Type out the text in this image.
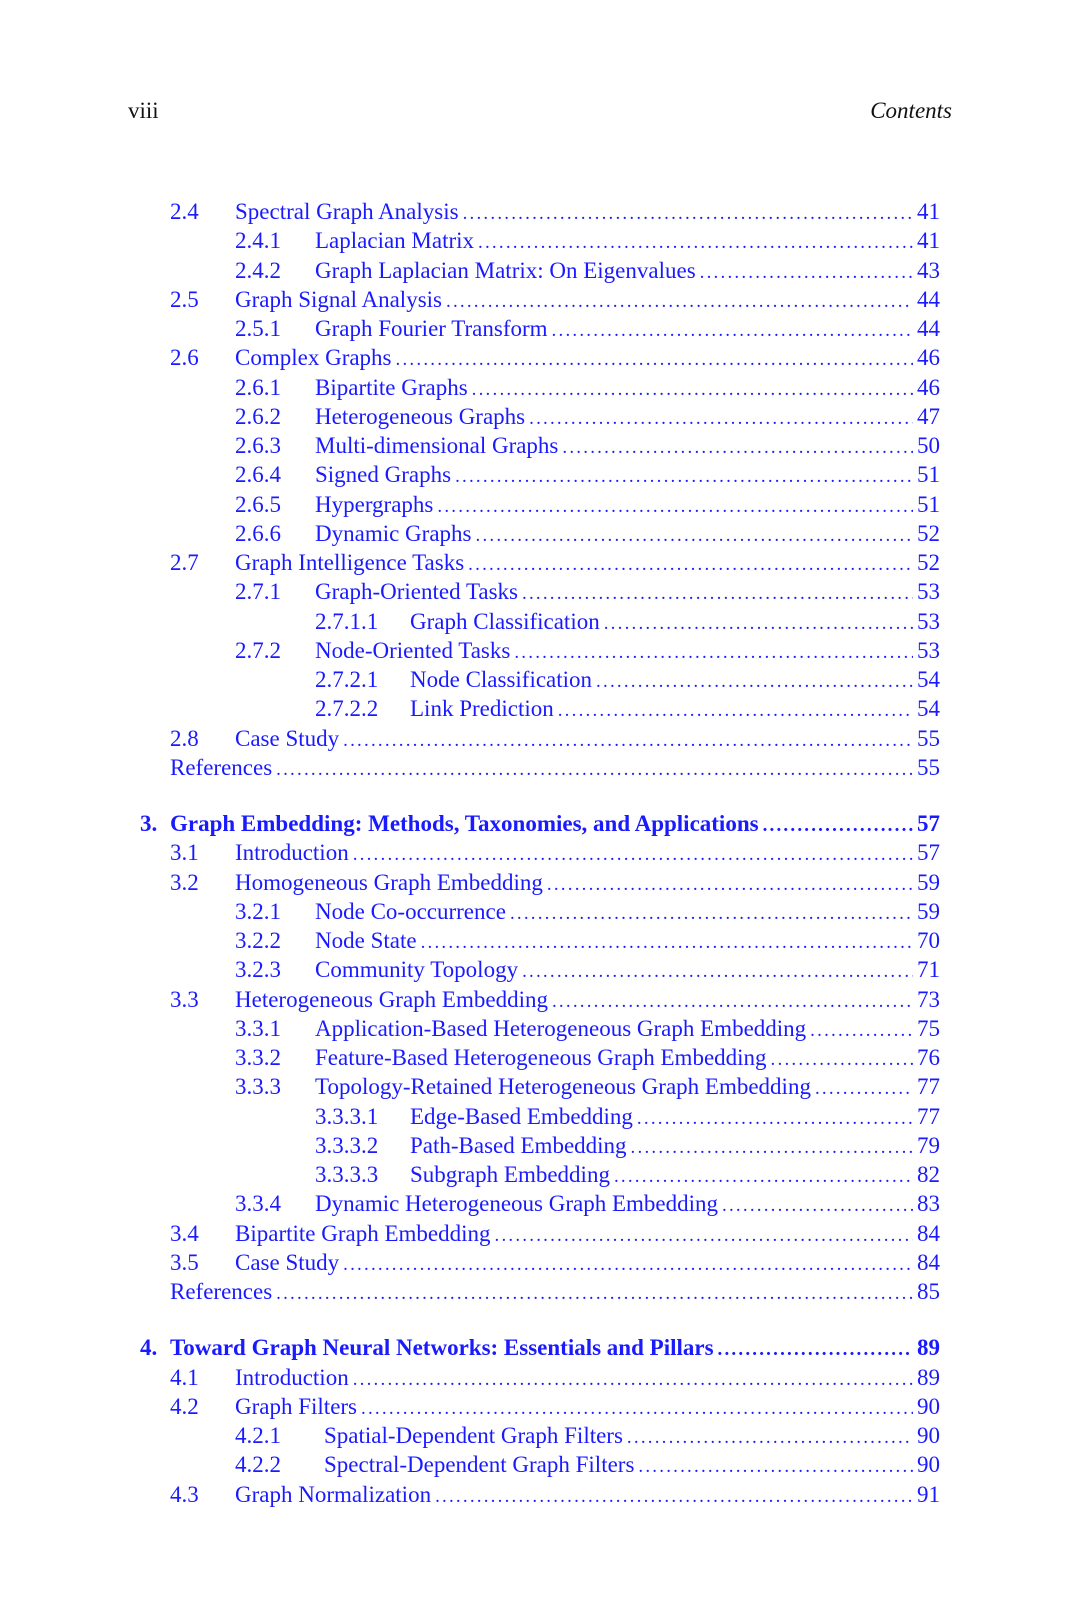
viii	Contents
2.4 Spectral Graph Analysis .....	41
2.4.1 Laplacian Matrix .....	41
2.4.2 Graph Laplacian Matrix: On Eigenvalues .....	43
2.5 Graph Signal Analysis .....	44
2.5.1 Graph Fourier Transform .....	44
2.6 Complex Graphs .....	46
2.6.1 Bipartite Graphs .....	46
2.6.2 Heterogeneous Graphs .....	47
2.6.3 Multi-dimensional Graphs .....	50
2.6.4 Signed Graphs .....	51
2.6.5 Hypergraphs .....	51
2.6.6 Dynamic Graphs .....	52
2.7 Graph Intelligence Tasks .....	52
2.7.1 Graph-Oriented Tasks .....	53
2.7.1.1 Graph Classification .....	53
2.7.2 Node-Oriented Tasks .....	53
2.7.2.1 Node Classification .....	54
2.7.2.2 Link Prediction .....	54
2.8 Case Study .....	55
References .....	55
3. Graph Embedding: Methods, Taxonomies, and Applications .....	57
3.1 Introduction .....	57
3.2 Homogeneous Graph Embedding .....	59
3.2.1 Node Co-occurrence .....	59
3.2.2 Node State .....	70
3.2.3 Community Topology .....	71
3.3 Heterogeneous Graph Embedding .....	73
3.3.1 Application-Based Heterogeneous Graph Embedding .....	75
3.3.2 Feature-Based Heterogeneous Graph Embedding .....	76
3.3.3 Topology-Retained Heterogeneous Graph Embedding .....	77
3.3.3.1 Edge-Based Embedding .....	77
3.3.3.2 Path-Based Embedding .....	79
3.3.3.3 Subgraph Embedding .....	82
3.3.4 Dynamic Heterogeneous Graph Embedding .....	83
3.4 Bipartite Graph Embedding .....	84
3.5 Case Study .....	84
References .....	85
4. Toward Graph Neural Networks: Essentials and Pillars .....	89
4.1 Introduction .....	89
4.2 Graph Filters .....	90
4.2.1 Spatial-Dependent Graph Filters .....	90
4.2.2 Spectral-Dependent Graph Filters .....	90
4.3 Graph Normalization .....	91
